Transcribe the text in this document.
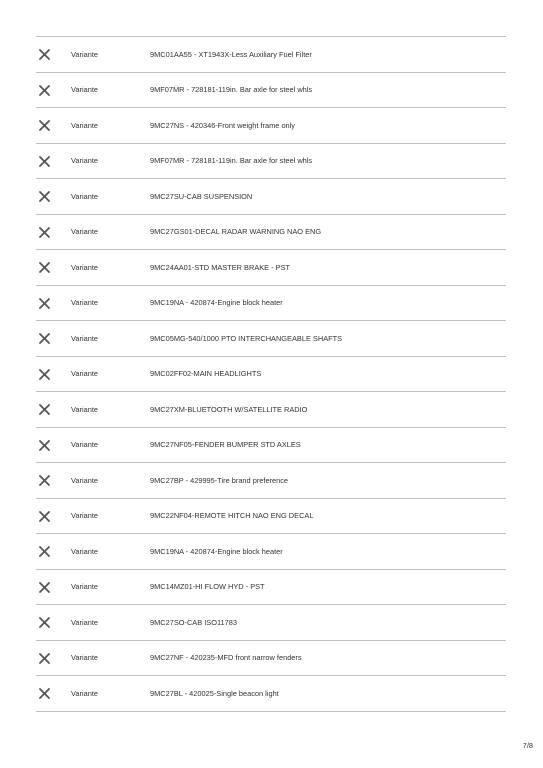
Variante	9MC01AA55 - XT1943X-Less Auxiliary Fuel Filter
Variante	9MF07MR - 728181-119in. Bar axle for steel whls
Variante	9MC27NS - 420346-Front weight frame only
Variante	9MF07MR - 728181-119in. Bar axle for steel whls
Variante	9MC27SU-CAB SUSPENSION
Variante	9MC27GS01-DECAL RADAR WARNING NAO ENG
Variante	9MC24AA01-STD MASTER BRAKE - PST
Variante	9MC19NA - 420874-Engine block heater
Variante	9MC05MG-540/1000 PTO INTERCHANGEABLE SHAFTS
Variante	9MC02FF02-MAIN HEADLIGHTS
Variante	9MC27XM-BLUETOOTH W/SATELLITE RADIO
Variante	9MC27NF05-FENDER BUMPER STD AXLES
Variante	9MC27BP - 429995-Tire brand preference
Variante	9MC22NF04-REMOTE HITCH NAO ENG DECAL
Variante	9MC19NA - 420874-Engine block heater
Variante	9MC14MZ01-HI FLOW HYD - PST
Variante	9MC27SO-CAB ISO11783
Variante	9MC27NF - 420235-MFD front narrow fenders
Variante	9MC27BL - 420025-Single beacon light
7/8
